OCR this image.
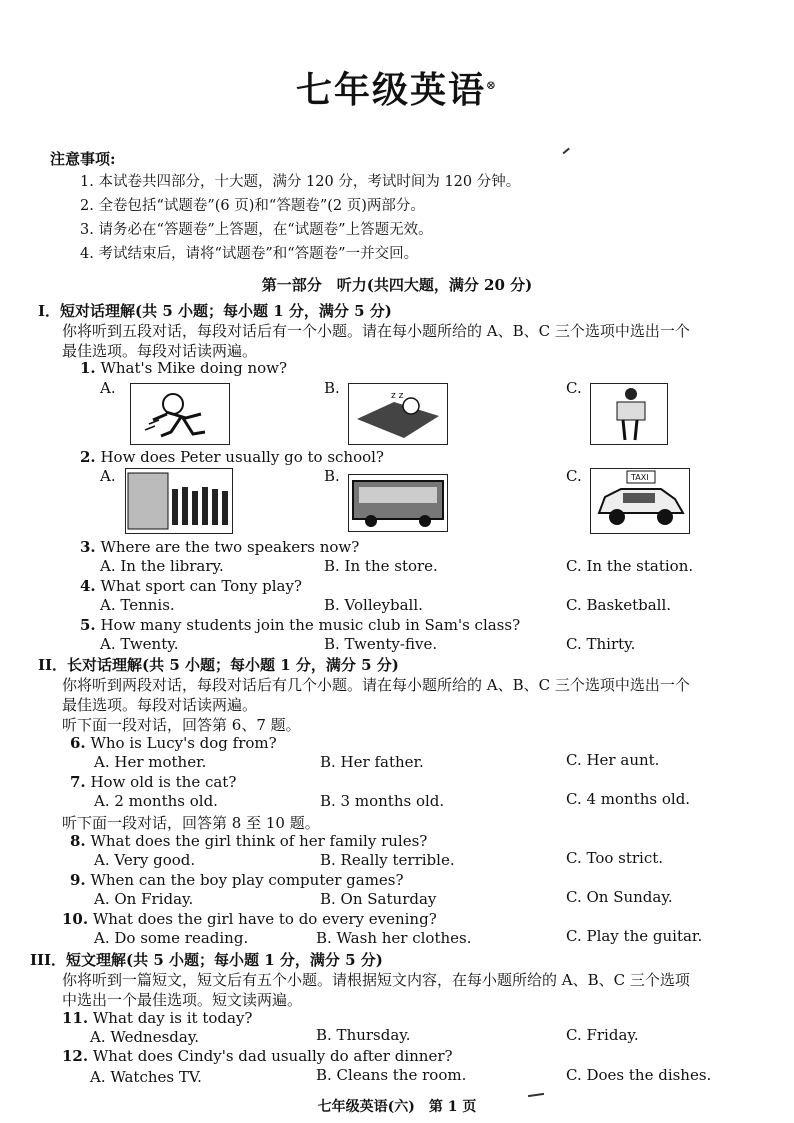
七年级英语⊗
注意事项:
1. 本试卷共四部分，十大题，满分 120 分，考试时间为 120 分钟。
2. 全卷包括“试题卷”(6 页)和“答题卷”(2 页)两部分。
3. 请务必在“答题卷”上答题，在“试题卷”上答题无效。
4. 考试结束后，请将“试题卷”和“答题卷”一并交回。
第一部分　听力(共四大题，满分 20 分)
I．短对话理解(共 5 小题；每小题 1 分，满分 5 分)
你将听到五段对话，每段对话后有一个小题。请在每小题所给的 A、B、C 三个选项中选出一个
最佳选项。每段对话读两遍。
1. What's Mike doing now?
A.	B.	C.
z z
2. How does Peter usually go to school?
A.	B.	C.	TAXI
3. Where are the two speakers now?
A. In the library.	B. In the store.	C. In the station.
4. What sport can Tony play?
A. Tennis.	B. Volleyball.	C. Basketball.
5. How many students join the music club in Sam's class?
A. Twenty.	B. Twenty-five.	C. Thirty.
II．长对话理解(共 5 小题；每小题 1 分，满分 5 分)
你将听到两段对话，每段对话后有几个小题。请在每小题所给的 A、B、C 三个选项中选出一个
最佳选项。每段对话读两遍。
听下面一段对话，回答第 6、7 题。
6. Who is Lucy's dog from?
A. Her mother.	B. Her father.	C. Her aunt.
7. How old is the cat?
A. 2 months old.	B. 3 months old.	C. 4 months old.
听下面一段对话，回答第 8 至 10 题。
8. What does the girl think of her family rules?
A. Very good.	B. Really terrible.	C. Too strict.
9. When can the boy play computer games?
A. On Friday.	B. On Saturday	C. On Sunday.
10. What does the girl have to do every evening?
A. Do some reading.	B. Wash her clothes.	C. Play the guitar.
III．短文理解(共 5 小题；每小题 1 分，满分 5 分)
你将听到一篇短文，短文后有五个小题。请根据短文内容，在每小题所给的 A、B、C 三个选项
中选出一个最佳选项。短文读两遍。
11. What day is it today?
A. Wednesday.	B. Thursday.	C. Friday.
12. What does Cindy's dad usually do after dinner?
A. Watches TV.	B. Cleans the room.	C. Does the dishes.
七年级英语(六)　第 1 页
